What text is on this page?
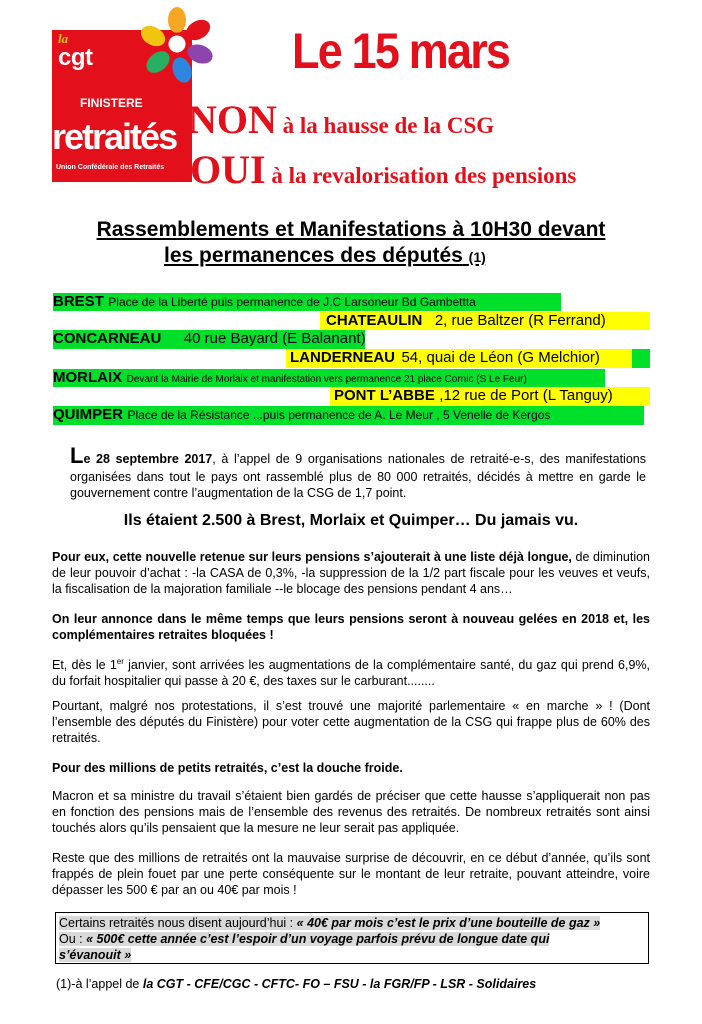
la
cgt
FINISTERE
retraités
Union Confédérale des Retraités
Le 15 mars
NON à la hausse de la CSG
OUI à la revalorisation des pensions
Rassemblements et Manifestations à 10H30 devant
les permanences des députés (1)
BREST Place de la Liberté puis permanence de J.C Larsoneur Bd Gambettta
CHATEAULIN 2, rue Baltzer (R Ferrand)
CONCARNEAU 40 rue Bayard (E Balanant)
LANDERNEAU 54, quai de Léon (G Melchior)
MORLAIX Devant la Mairie de Morlaix et manifestation vers permanence 21 place Cornic (S Le Feur)
PONT L’ABBE ,12 rue de Port (L Tanguy)
QUIMPER Place de la Résistance ...puis permanence de A. Le Meur , 5 Venelle de Kergos
Le 28 septembre 2017, à l’appel de 9 organisations nationales de retraité-e-s, des manifestations organisées dans tout le pays ont rassemblé plus de 80 000 retraités, décidés à mettre en garde le gouvernement contre l’augmentation de la CSG de 1,7 point.
Ils étaient 2.500 à Brest, Morlaix et Quimper… Du jamais vu.
Pour eux, cette nouvelle retenue sur leurs pensions s’ajouterait à une liste déjà longue, de diminution de leur pouvoir d’achat : -la CASA de 0,3%, -la suppression de la 1/2 part fiscale pour les veuves et veufs, la fiscalisation de la majoration familiale --le blocage des pensions pendant 4 ans…
On leur annonce dans le même temps que leurs pensions seront à nouveau gelées en 2018 et, les complémentaires retraites bloquées !
Et, dès le 1er janvier, sont arrivées les augmentations de la complémentaire santé, du gaz qui prend 6,9%, du forfait hospitalier qui passe à 20 €, des taxes sur le carburant........
Pourtant, malgré nos protestations, il s’est trouvé une majorité parlementaire « en marche » ! (Dont l’ensemble des députés du Finistère) pour voter cette augmentation de la CSG qui frappe plus de 60% des retraités.
Pour des millions de petits retraités, c’est la douche froide.
Macron et sa ministre du travail s’étaient bien gardés de préciser que cette hausse s’appliquerait non pas en fonction des pensions mais de l’ensemble des revenus des retraités. De nombreux retraités sont ainsi touchés alors qu’ils pensaient que la mesure ne leur serait pas appliquée.
Reste que des millions de retraités ont la mauvaise surprise de découvrir, en ce début d’année, qu’ils sont frappés de plein fouet par une perte conséquente sur le montant de leur retraite, pouvant atteindre, voire dépasser les 500 € par an ou 40€ par mois !
Certains retraités nous disent aujourd’hui : « 40€ par mois c’est le prix d’une bouteille de gaz »
Ou : « 500€ cette année c’est l’espoir d’un voyage parfois prévu de longue date qui
s’évanouit »
(1)-à l’appel de la CGT - CFE/CGC - CFTC- FO – FSU - la FGR/FP - LSR - Solidaires
